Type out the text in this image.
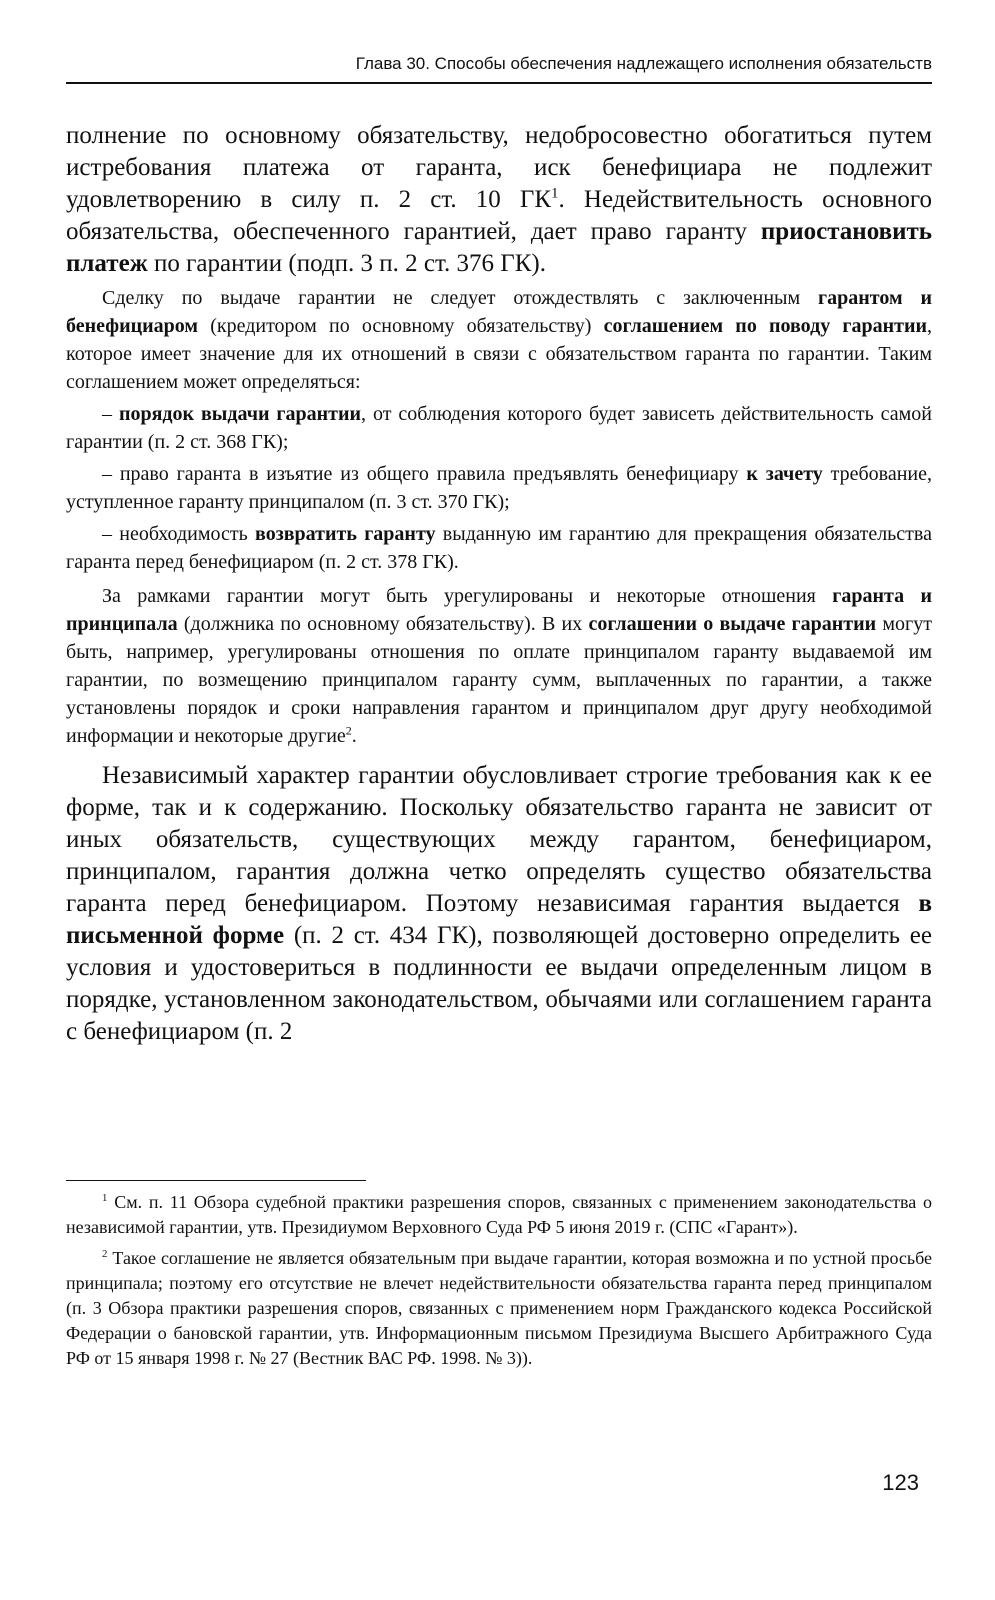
Глава 30. Способы обеспечения надлежащего исполнения обязательств

полнение по основному обязательству, недобросовестно обогатиться путем истребования платежа от гаранта, иск бенефициара не подлежит удовлетворению в силу п. 2 ст. 10 $ГК^1$. Недействительность основного обязательства, обеспеченного гарантией, дает право гаранту приостановить платеж по гарантии (подп. 3 п. 2 ст. 376 ГК).

Сделку по выдаче гарантии не следует отождествлять с заключенным гарантом и бенефициаром (кредитором по основному обязательству) соглашением по поводу гарантии, которое имеет значение для их отношений в связи с обязательством гаранта по гарантии. Таким соглашением может определяться:

– порядок выдачи гарантии, от соблюдения которого будет зависеть действительность самой гарантии (п. 2 ст. 368 ГК);

– право гаранта в изъятие из общего правила предъявлять бенефициару к зачету требование, уступленное гаранту принципалом (п. 3 ст. 370 ГК);

– необходимость возвратить гаранту выданную им гарантию для прекращения обязательства гаранта перед бенефициаром (п. 2 ст. 378 ГК).

За рамками гарантии могут быть урегулированы и некоторые отношения гаранта и принципала (должника по основному обязательству). В их соглашении о выдаче гарантии могут быть, например, урегулированы отношения по оплате принципалом гаранту выдаваемой им гарантии, по возмещению принципалом гаранту сумм, выплаченных по гарантии, а также установлены порядок и сроки направления гарантом и принципалом друг другу необходимой информации и некоторые другие$^2$.

Независимый характер гарантии обусловливает строгие требования как к ее форме, так и к содержанию. Поскольку обязательство гаранта не зависит от иных обязательств, существующих между гарантом, бенефициаром, принципалом, гарантия должна четко определять существо обязательства гаранта перед бенефициаром. Поэтому независимая гарантия выдается в письменной форме (п. 2 ст. 434 ГК), позволяющей достоверно определить ее условия и удостовериться в подлинности ее выдачи определенным лицом в порядке, установленном законодательством, обычаями или соглашением гаранта с бенефициаром (п. 2

$^1$ См. п. 11 Обзора судебной практики разрешения споров, связанных с применением законодательства о независимой гарантии, утв. Президиумом Верховного Суда РФ 5 июня 2019 г. (СПС «Гарант»).

$^2$ Такое соглашение не является обязательным при выдаче гарантии, которая возможна и по устной просьбе принципала; поэтому его отсутствие не влечет недействительности обязательства гаранта перед принципалом (п. 3 Обзора практики разрешения споров, связанных с применением норм Гражданского кодекса Российской Федерации о бановской гарантии, утв. Информационным письмом Президиума Высшего Арбитражного Суда РФ от 15 января 1998 г. № 27 (Вестник ВАС РФ. 1998. № 3)).

123
